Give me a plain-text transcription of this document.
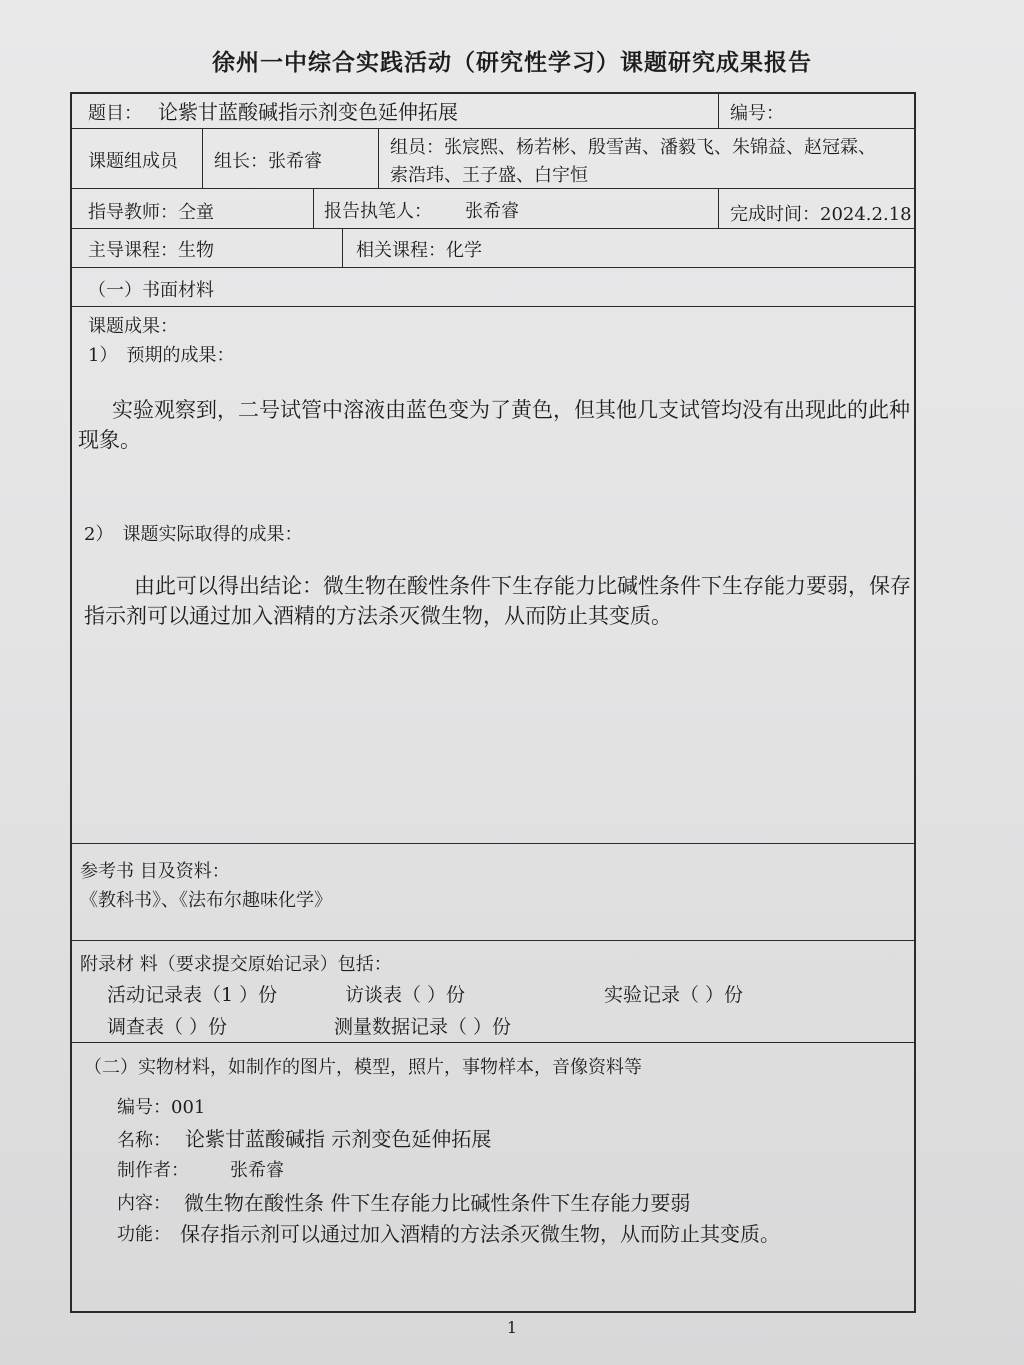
徐州一中综合实践活动（研究性学习）课题研究成果报告
题目： 论紫甘蓝酸碱指示剂变色延伸拓展	编号：
课题组成员 组长：张希睿
组员：张宸熙、杨若彬、殷雪茜、潘毅飞、朱锦益、赵冠霖、
索浩玮、王子盛、白宇恒
指导教师：仝童	报告执笔人： 张希睿	完成时间：2024.2.18
主导课程：生物	相关课程：化学
（一）书面材料
课题成果：
1）　预期的成果：
实验观察到，二号试管中溶液由蓝色变为了黄色，但其他几支试管均没有出现此的此种现象。
2）　课题实际取得的成果：
由此可以得出结论：微生物在酸性条件下生存能力比碱性条件下生存能力要弱，保存指示剂可以通过加入酒精的方法杀灭微生物，从而防止其变质。
参考书 目及资料：
《教科书》、《法布尔趣味化学》
附录材 料（要求提交原始记录）包括：
活动记录表（1 ）份	访谈表（ ）份	实验记录（ ）份
调查表（ ）份	测量数据记录（ ）份
（二）实物材料，如制作的图片，模型，照片，事物样本，音像资料等
编号：001
名称： 论紫甘蓝酸碱指 示剂变色延伸拓展
制作者： 张希睿
内容： 微生物在酸性条 件下生存能力比碱性条件下生存能力要弱
功能： 保存指示剂可以通过加入酒精的方法杀灭微生物，从而防止其变质。
1
